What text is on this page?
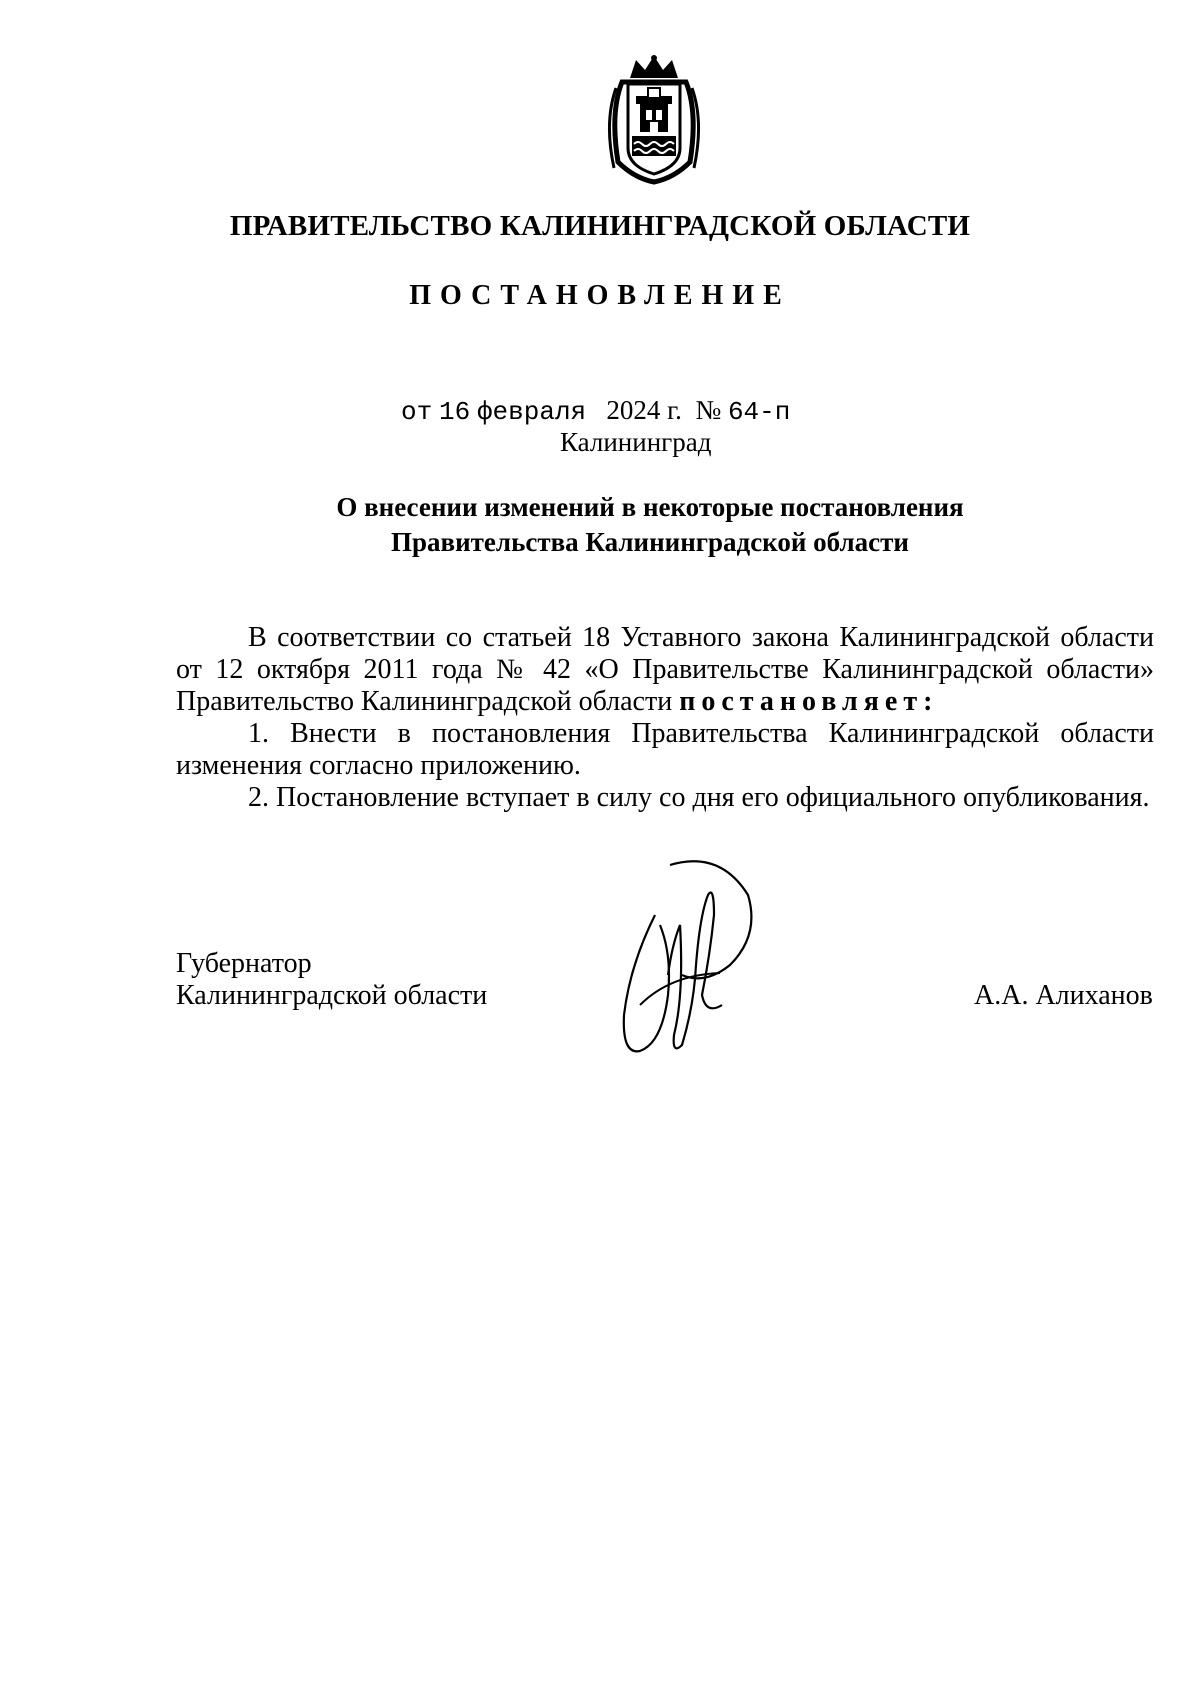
ПРАВИТЕЛЬСТВО КАЛИНИНГРАДСКОЙ ОБЛАСТИ
ПОСТАНОВЛЕНИЕ
от 16 февраля 2024 г. № 64-п
Калининград
О внесении изменений в некоторые постановления
Правительства Калининградской области
В соответствии со статьей 18 Уставного закона Калининградской области от 12 октября 2011 года № 42 «О Правительстве Калининградской области» Правительство Калининградской области постановляет:
1. Внести в постановления Правительства Калининградской области изменения согласно приложению.
2. Постановление вступает в силу со дня его официального опубликования.
Губернатор
Калининградской области	А.А. Алиханов
